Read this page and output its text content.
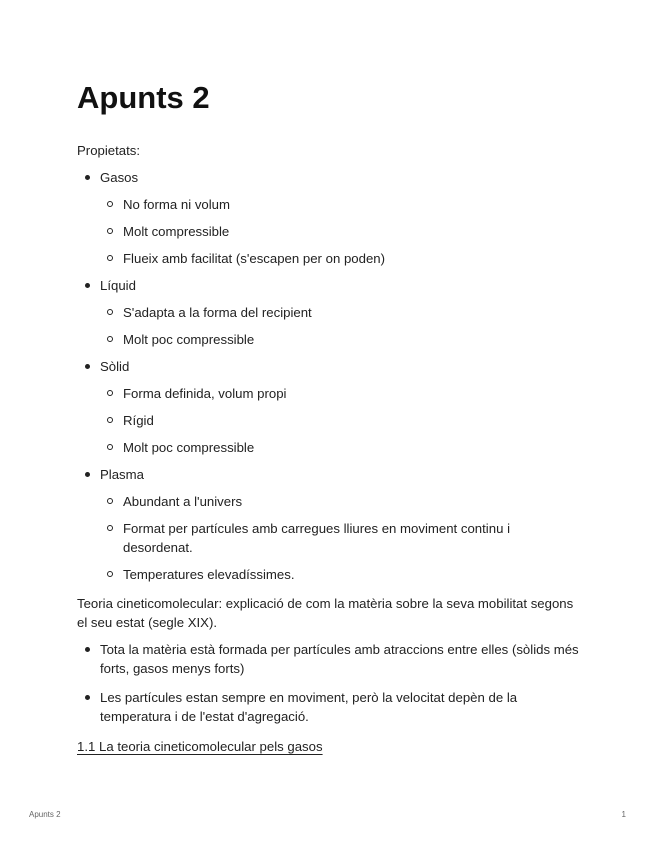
Apunts 2

Propietats:

Gasos
No forma ni volum
Molt compressible
Flueix amb facilitat (s'escapen per on poden)
Líquid
S'adapta a la forma del recipient
Molt poc compressible
Sòlid
Forma definida, volum propi
Rígid
Molt poc compressible
Plasma
Abundant a l'univers
Format per partícules amb carregues lliures en moviment continu i desordenat.
Temperatures elevadíssimes.

Teoria cineticomolecular: explicació de com la matèria sobre la seva mobilitat segons el seu estat (segle XIX).

Tota la matèria està formada per partícules amb atraccions entre elles (sòlids més forts, gasos menys forts)
Les partícules estan sempre en moviment, però la velocitat depèn de la temperatura i de l'estat d'agregació.

1.1 La teoria cineticomolecular pels gasos

Apunts 2	1
